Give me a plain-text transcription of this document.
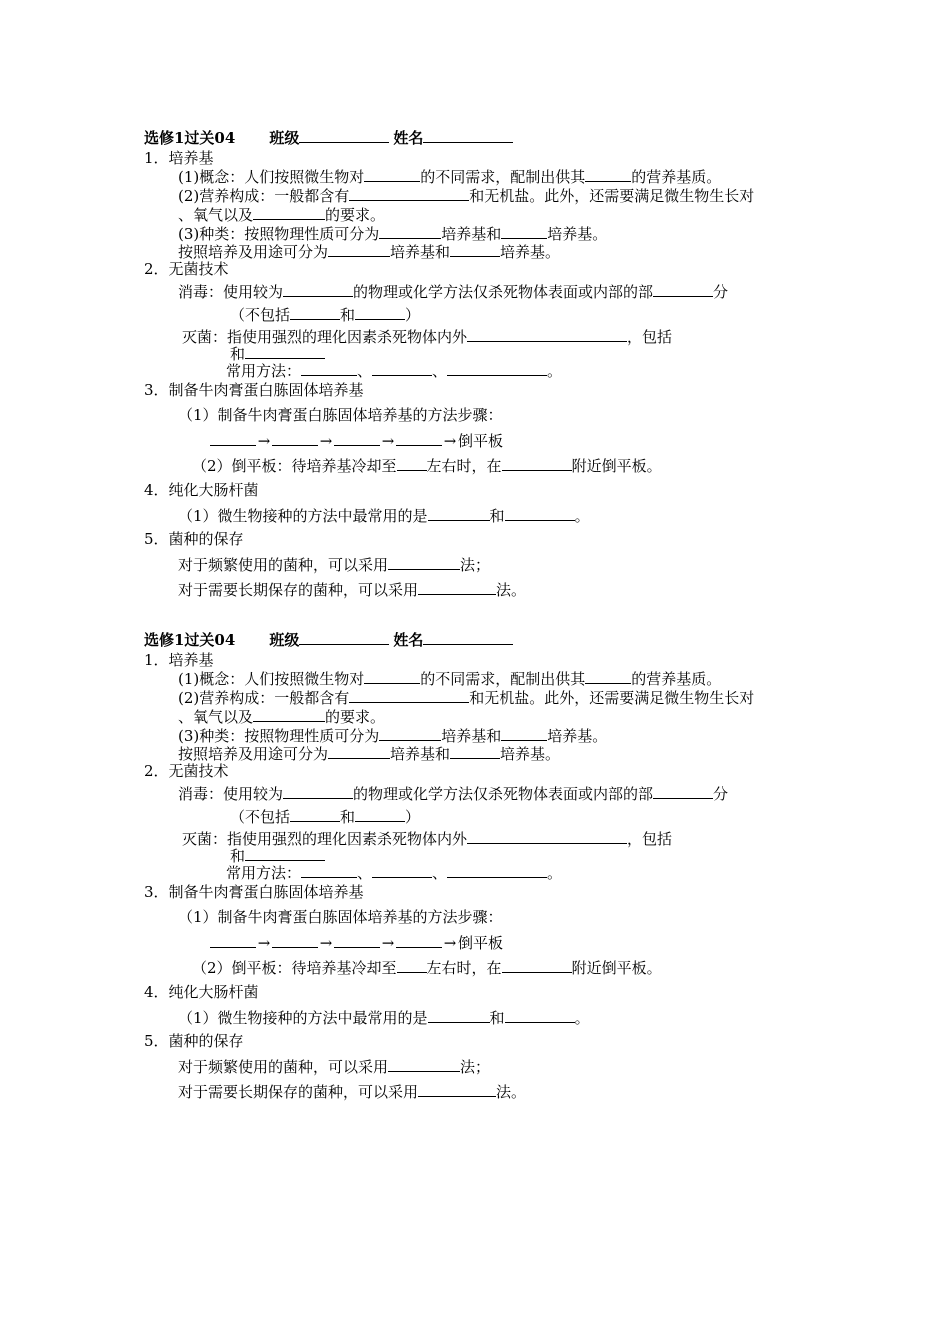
选修1过关04 班级	姓名
1．培养基
(1)概念：人们按照微生物对	的不同需求，配制出供其	的营养基质。
(2)营养构成：一般都含有	和无机盐。此外，还需要满足微生物生长对
、氧气以及	的要求。
(3)种类：按照物理性质可分为	培养基和	培养基。
按照培养及用途可分为	培养基和	培养基。
2．无菌技术
消毒：使用较为	的物理或化学方法仅杀死物体表面或内部的部	分
（不包括	和	）
灭菌：指使用强烈的理化因素杀死物体内外	，包括
和
常用方法：	、	、	。
3．制备牛肉膏蛋白胨固体培养基
（1）制备牛肉膏蛋白胨固体培养基的方法步骤：
→	→	→	→ 倒平板
（2）倒平板：待培养基冷却至 左右时，在	附近倒平板。
4．纯化大肠杆菌
（1）微生物接种的方法中最常用的是	和	。
5．菌种的保存
对于频繁使用的菌种，可以采用	法；
对于需要长期保存的菌种，可以采用	法。
选修1过关04 班级	姓名
1．培养基
(1)概念：人们按照微生物对	的不同需求，配制出供其	的营养基质。
(2)营养构成：一般都含有	和无机盐。此外，还需要满足微生物生长对
、氧气以及	的要求。
(3)种类：按照物理性质可分为	培养基和	培养基。
按照培养及用途可分为	培养基和	培养基。
2．无菌技术
消毒：使用较为	的物理或化学方法仅杀死物体表面或内部的部	分
（不包括	和	）
灭菌：指使用强烈的理化因素杀死物体内外	，包括
和
常用方法：	、	、	。
3．制备牛肉膏蛋白胨固体培养基
（1）制备牛肉膏蛋白胨固体培养基的方法步骤：
→	→	→	→ 倒平板
（2）倒平板：待培养基冷却至 左右时，在	附近倒平板。
4．纯化大肠杆菌
（1）微生物接种的方法中最常用的是	和	。
5．菌种的保存
对于频繁使用的菌种，可以采用	法；
对于需要长期保存的菌种，可以采用	法。
